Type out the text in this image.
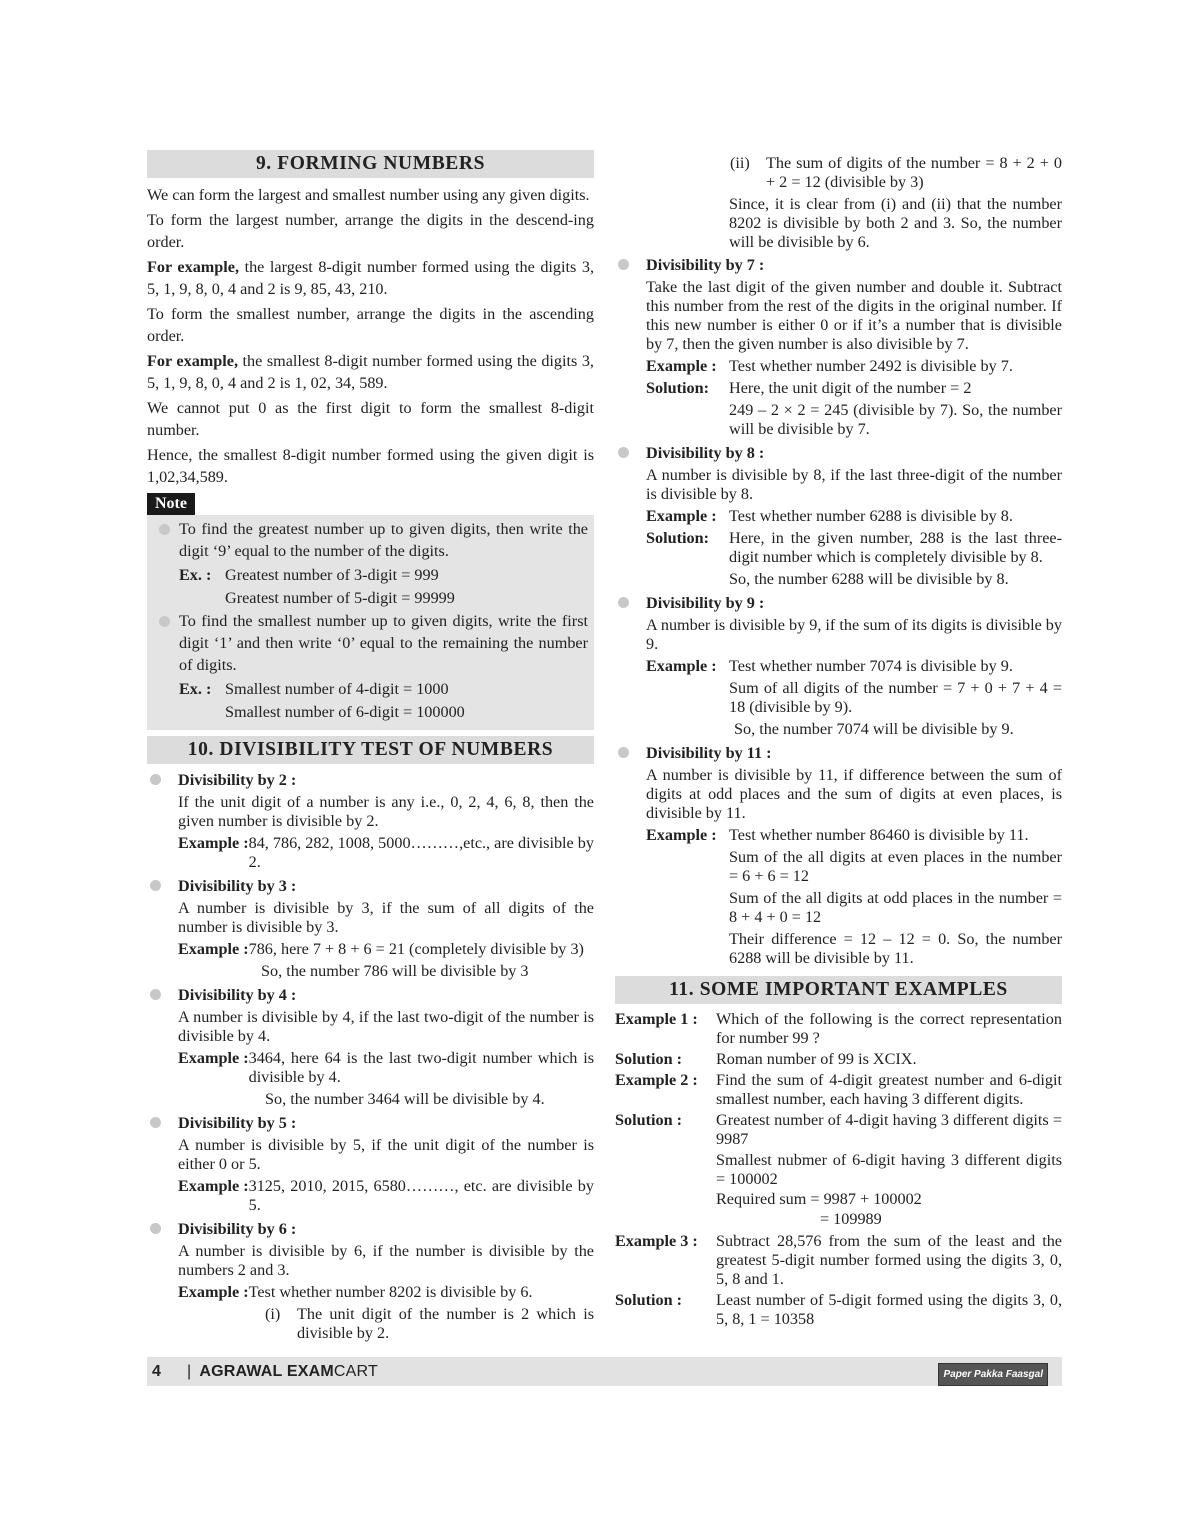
9. FORMING NUMBERS
We can form the largest and smallest number using any given digits.
To form the largest number, arrange the digits in the descend-ing order.
For example, the largest 8-digit number formed using the digits 3, 5, 1, 9, 8, 0, 4 and 2 is 9, 85, 43, 210.
To form the smallest number, arrange the digits in the ascending order.
For example, the smallest 8-digit number formed using the digits 3, 5, 1, 9, 8, 0, 4 and 2 is 1, 02, 34, 589.
We cannot put 0 as the first digit to form the smallest 8-digit number.
Hence, the smallest 8-digit number formed using the given digit is 1,02,34,589.
Note
To find the greatest number up to given digits, then write the digit ‘9’ equal to the number of the digits.
Ex. : Greatest number of 3-digit = 999
Greatest number of 5-digit = 99999
To find the smallest number up to given digits, write the first digit ‘1’ and then write ‘0’ equal to the remaining the number of digits.
Ex. : Smallest number of 4-digit = 1000
Smallest number of 6-digit = 100000
10. DIVISIBILITY TEST OF NUMBERS
Divisibility by 2 :
If the unit digit of a number is any i.e., 0, 2, 4, 6, 8, then the given number is divisible by 2.
Example : 84, 786, 282, 1008, 5000………,etc., are divisible by 2.
Divisibility by 3 :
A number is divisible by 3, if the sum of all digits of the number is divisible by 3.
Example : 786, here 7 + 8 + 6 = 21 (completely divisible by 3)
So, the number 786 will be divisible by 3
Divisibility by 4 :
A number is divisible by 4, if the last two-digit of the number is divisible by 4.
Example : 3464, here 64 is the last two-digit number which is divisible by 4.
So, the number 3464 will be divisible by 4.
Divisibility by 5 :
A number is divisible by 5, if the unit digit of the number is either 0 or 5.
Example : 3125, 2010, 2015, 6580………, etc. are divisible by 5.
Divisibility by 6 :
A number is divisible by 6, if the number is divisible by the numbers 2 and 3.
Example : Test whether number 8202 is divisible by 6.
(i)	The unit digit of the number is 2 which is divisible by 2.
(ii)	The sum of digits of the number = 8 + 2 + 0 + 2 = 12 (divisible by 3)
Since, it is clear from (i) and (ii) that the number 8202 is divisible by both 2 and 3. So, the number will be divisible by 6.
Divisibility by 7 :
Take the last digit of the given number and double it. Subtract this number from the rest of the digits in the original number. If this new number is either 0 or if it’s a number that is divisible by 7, then the given number is also divisible by 7.
Example : Test whether number 2492 is divisible by 7.
Solution:	Here, the unit digit of the number = 2
249 – 2 × 2 = 245 (divisible by 7). So, the number will be divisible by 7.
Divisibility by 8 :
A number is divisible by 8, if the last three-digit of the number is divisible by 8.
Example : Test whether number 6288 is divisible by 8.
Solution:	Here, in the given number, 288 is the last three-digit number which is completely divisible by 8.
So, the number 6288 will be divisible by 8.
Divisibility by 9 :
A number is divisible by 9, if the sum of its digits is divisible by 9.
Example : Test whether number 7074 is divisible by 9.
Sum of all digits of the number = 7 + 0 + 7 + 4 = 18 (divisible by 9).
So, the number 7074 will be divisible by 9.
Divisibility by 11 :
A number is divisible by 11, if difference between the sum of digits at odd places and the sum of digits at even places, is divisible by 11.
Example : Test whether number 86460 is divisible by 11.
Sum of the all digits at even places in the number = 6 + 6 = 12
Sum of the all digits at odd places in the number = 8 + 4 + 0 = 12
Their difference = 12 – 12 = 0. So, the number 6288 will be divisible by 11.
11. SOME IMPORTANT EXAMPLES
Example 1 :	Which of the following is the correct representation for number 99 ?
Solution :	Roman number of 99 is XCIX.
Example 2 :	Find the sum of 4-digit greatest number and 6-digit smallest number, each having 3 different digits.
Solution :	Greatest number of 4-digit having 3 different digits = 9987
Smallest nubmer of 6-digit having 3 different digits = 100002
Required sum = 9987 + 100002
= 109989
Example 3 :	Subtract 28,576 from the sum of the least and the greatest 5-digit number formed using the digits 3, 0, 5, 8 and 1.
Solution :	Least number of 5-digit formed using the digits 3, 0, 5, 8, 1 = 10358
4 | AGRAWAL EXAMCART	Paper Pakka Faasgal
